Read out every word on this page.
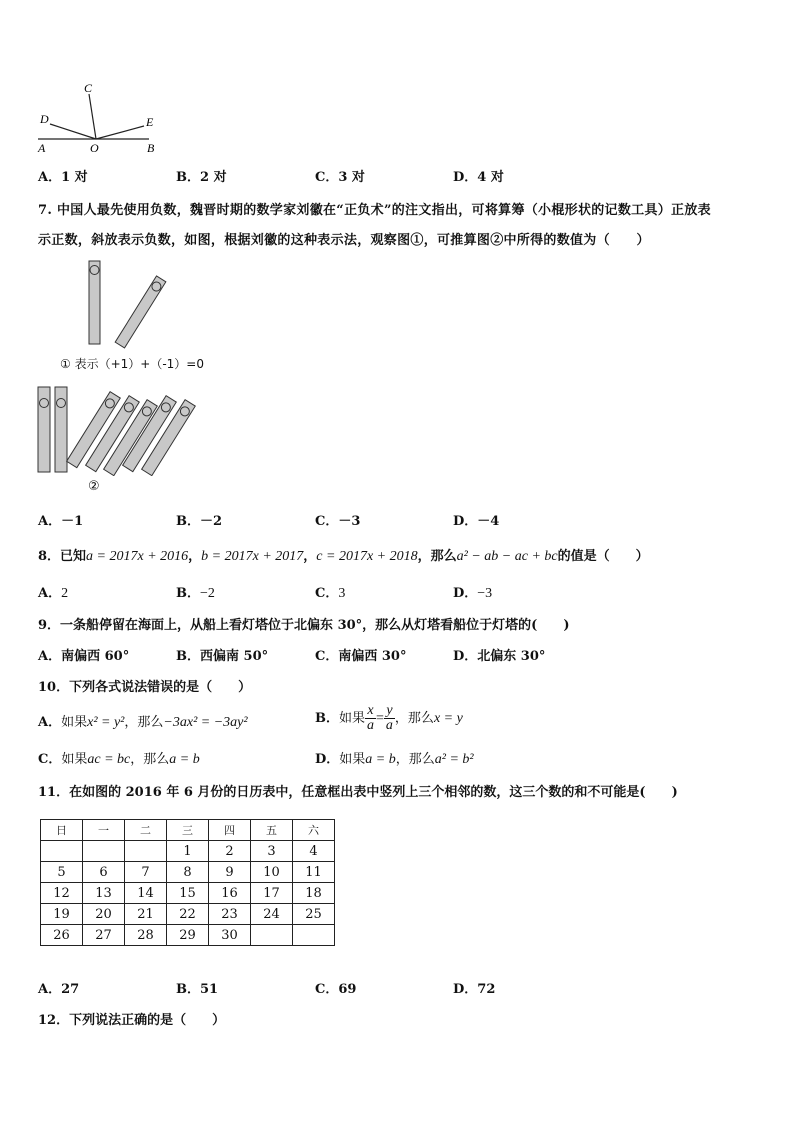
C
D	E
A	O	B
A．1 对	B．2 对	C．3 对	D．4 对
7. 中国人最先使用负数，魏晋时期的数学家刘徽在“正负术”的注文指出，可将算筹（小棍形状的记数工具）正放表
示正数，斜放表示负数，如图，根据刘徽的这种表示法，观察图①，可推算图②中所得的数值为（　　）
① 表示（+1）+（-1）=0
②
A．－1	B．－2	C．－3	D．－4
8．已知a = 2017x + 2016，b = 2017x + 2017，c = 2017x + 2018，那么a² − ab − ac + bc的值是（　　）
A．2	B．−2	C．3	D．−3
9．一条船停留在海面上，从船上看灯塔位于北偏东 30°，那么从灯塔看船位于灯塔的(　　)
A．南偏西 60°	B．西偏南 50°	C．南偏西 30°	D．北偏东 30°
10．下列各式说法错误的是（　　）
A．如果x² = y²，那么−3ax² = −3ay²	B．如果 $\frac{x}{a} = \frac{y}{a}$ ，那么x = y
C．如果ac = bc，那么a = b	D．如果a = b，那么a² = b²
11．在如图的 2016 年 6 月份的日历表中，任意框出表中竖列上三个相邻的数，这三个数的和不可能是(　　)
日	一	二	三	四	五	六
			1	2	3	4
5	6	7	8	9	10	11
12	13	14	15	16	17	18
19	20	21	22	23	24	25
26	27	28	29	30		
A．27	B．51	C．69	D．72
12．下列说法正确的是（　　）
